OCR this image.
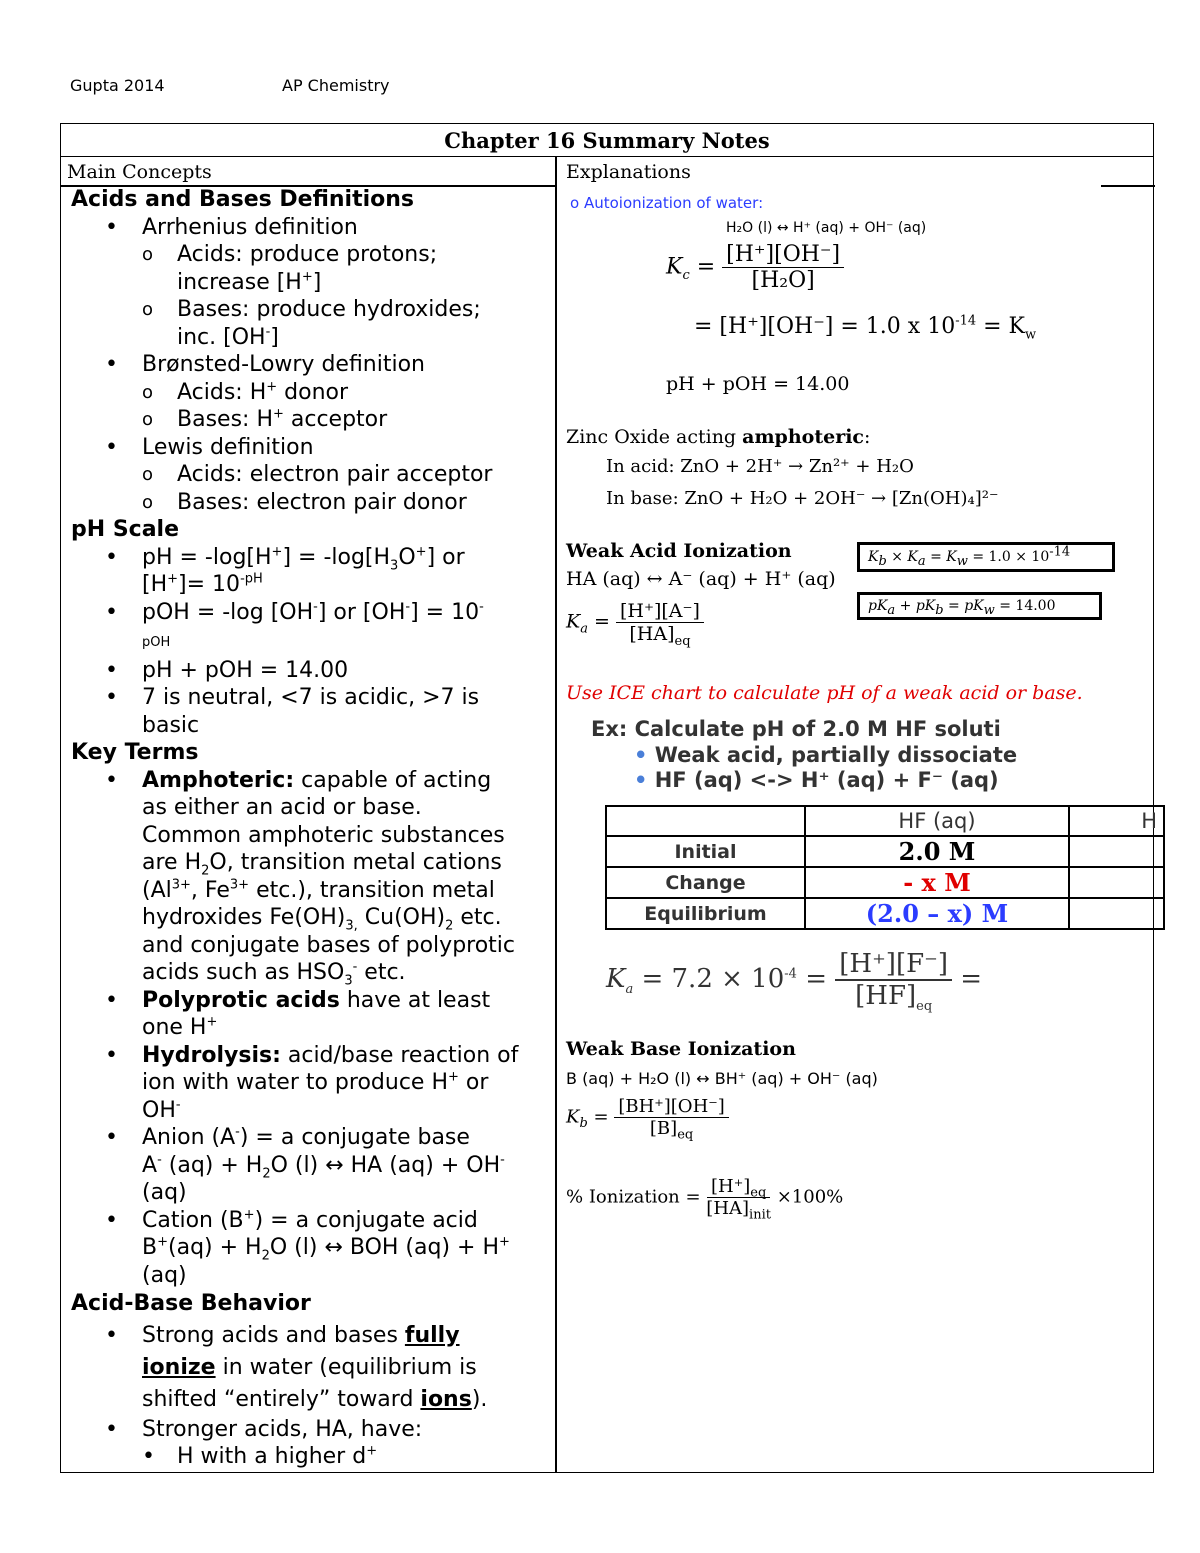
Gupta 2014	AP Chemistry
Chapter 16 Summary Notes
Main Concepts	Explanations
Acids and Bases Definitions
• Arrhenius definition
o Acids: produce protons;
increase [H+]
o Bases: produce hydroxides;
inc. [OH-]
• Brønsted-Lowry definition
o Acids: H+ donor
o Bases: H+ acceptor
• Lewis definition
o Acids: electron pair acceptor
o Bases: electron pair donor
pH Scale
• pH = $-\log[H^+] = -\log[H_3O^+]$ or
$[H^+]= 10^{-pH}$
• pOH = -log [OH-] or [OH-] = 10-
pOH
• pH + pOH = 14.00
• 7 is neutral, <7 is acidic, >7 is
basic
Key Terms
• Amphoteric: capable of acting
as either an acid or base.
Common amphoteric substances
are $H_2O$, transition metal cations
($Al^{3+}$, $Fe^{3+}$ etc.), transition metal
hydroxides $Fe(OH)_{3,}$ $Cu(OH)_2$ etc.
and conjugate bases of polyprotic
acids such as $HSO_3^-$ etc.
• Polyprotic acids have at least
one H+
• Hydrolysis: acid/base reaction of
ion with water to produce H+ or
OH-
• Anion (A-) = a conjugate base
A- $(aq) + H_2O$ (l) ↔ HA (aq) + OH-
(aq)
• Cation (B+) = a conjugate acid
$B^+(aq) + H_2O$ (l) ↔ BOH (aq) + H+
(aq)
Acid-Base Behavior
• Strong acids and bases fully
ionize in water (equilibrium is
shifted “entirely” toward ions).
• Stronger acids, HA, have:
• H with a higher d+
o Autoionization of water:
H₂O (l) ↔ H⁺ (aq) + OH⁻ (aq)
$K_c = \frac{[H^+][OH^-]}{\text{[H₂O]}}$
= [H⁺][OH⁻] = 1.0 x $10^{-14} = K_w$
pH + pOH = 14.00
Zinc Oxide acting amphoteric:
In acid: ZnO + 2H⁺ → Zn²⁺ + H₂O
In base: ZnO + H₂O + 2OH⁻ → [Zn(OH)₄]²⁻
Weak Acid Ionization
HA (aq) ↔ A⁻ (aq) + H⁺ (aq)
$K_a = \frac{[H^+][A^-]}{[HA]_{eq}}$
$K_b \times K_a = K_w = 1.0 \times 10^{-14}$
$pK_a + pK_b = pK_w = 14.00$
Use ICE chart to calculate pH of a weak acid or base.
Ex: Calculate pH of 2.0 M HF soluti
• Weak acid, partially dissociate
• HF (aq) <-> H⁺ (aq) + F⁻ (aq)
	HF (aq)	H
Initial	2.0 M	
Change	- x M	
Equilibrium	(2.0 – x) M	
$K_a = 7.2 \times 10^{-4} = \frac{[H^+][F^-]}{[HF]_{eq}}$ =
Weak Base Ionization
B (aq) + H₂O (l) ↔ BH⁺ (aq) + OH⁻ (aq)
$K_b = \frac{[BH^+][OH^-]}{[B]_{eq}}$
% Ionization = $\frac{[H^+]_{eq}}{[HA]_{init}} \times 100\%$
